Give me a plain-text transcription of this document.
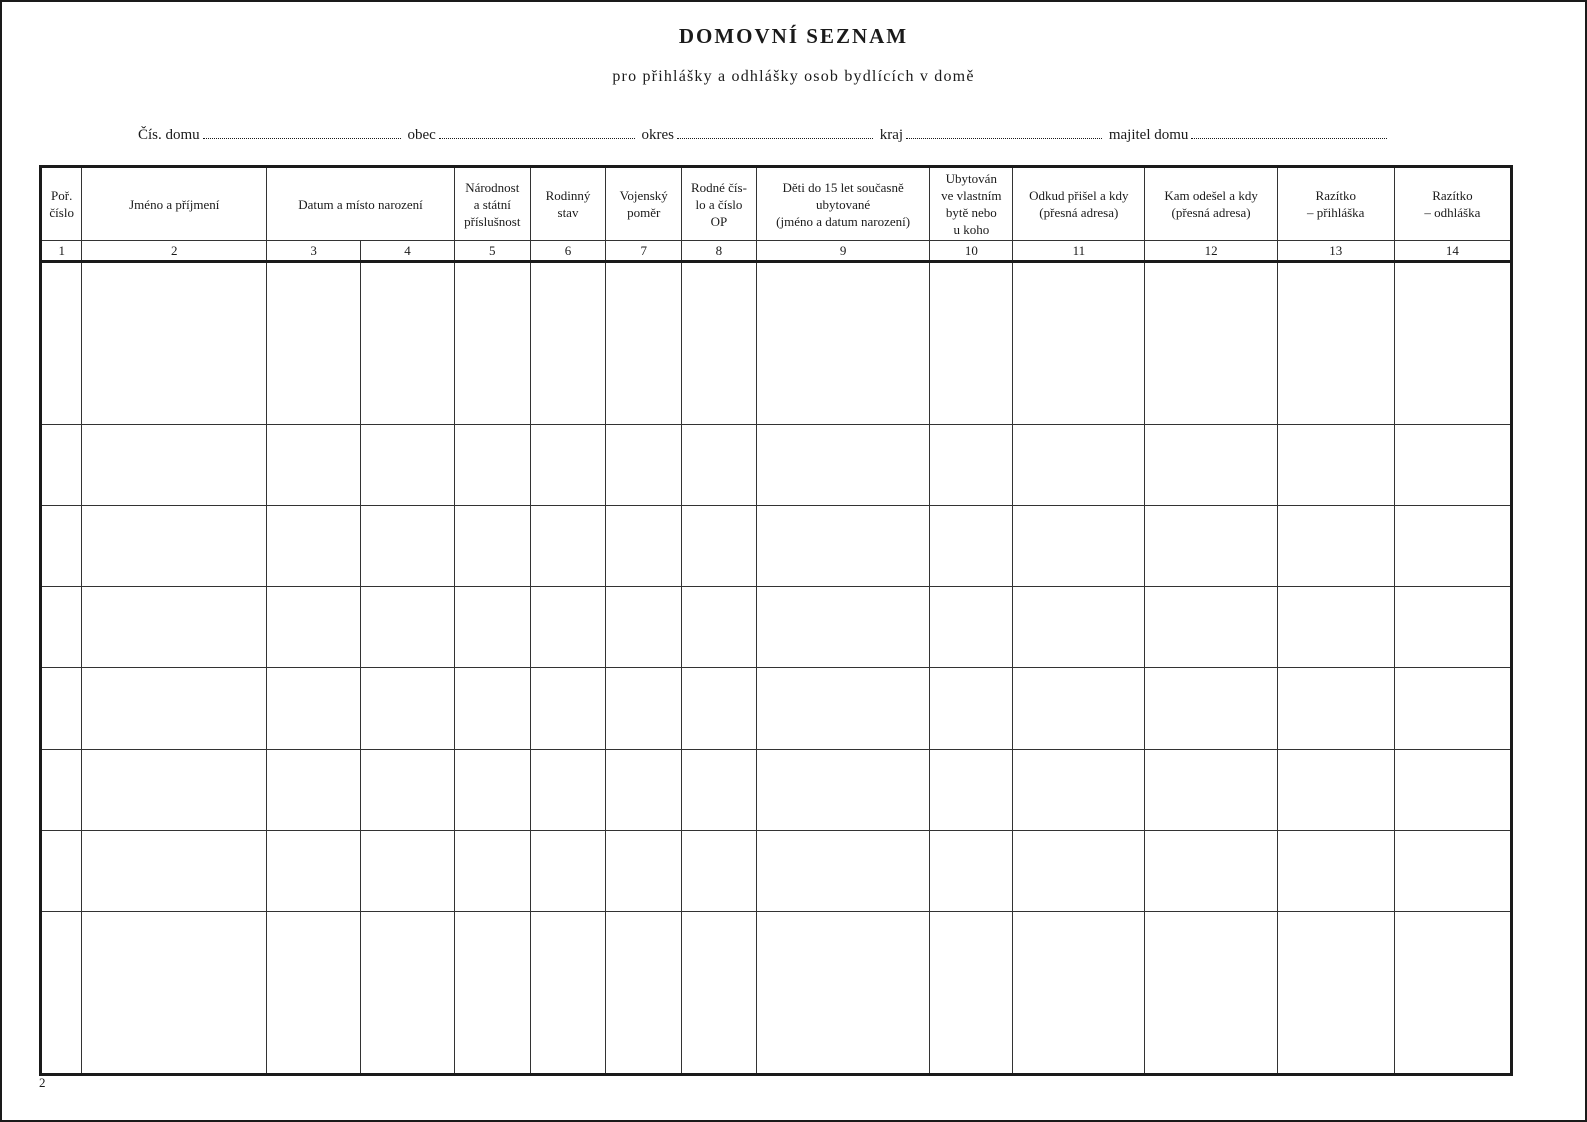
DOMOVNÍ SEZNAM
pro přihlášky a odhlášky osob bydlících v domě
Čís. domu	obec	okres	kraj	majitel domu
Poř.
číslo	Jméno a příjmení	Datum a místo narození		Národnost
a státní
příslušnost	Rodinný
stav	Vojenský
poměr	Rodné čís-
lo a číslo
OP	Děti do 15 let současně
ubytované
(jméno a datum narození)	Ubytován
ve vlastním
bytě nebo
u koho	Odkud přišel a kdy
(přesná adresa)	Kam odešel a kdy
(přesná adresa)	Razítko
– přihláška	Razítko
– odhláška
1	2	3	4	5	6	7	8	9	10	11	12	13	14

2
